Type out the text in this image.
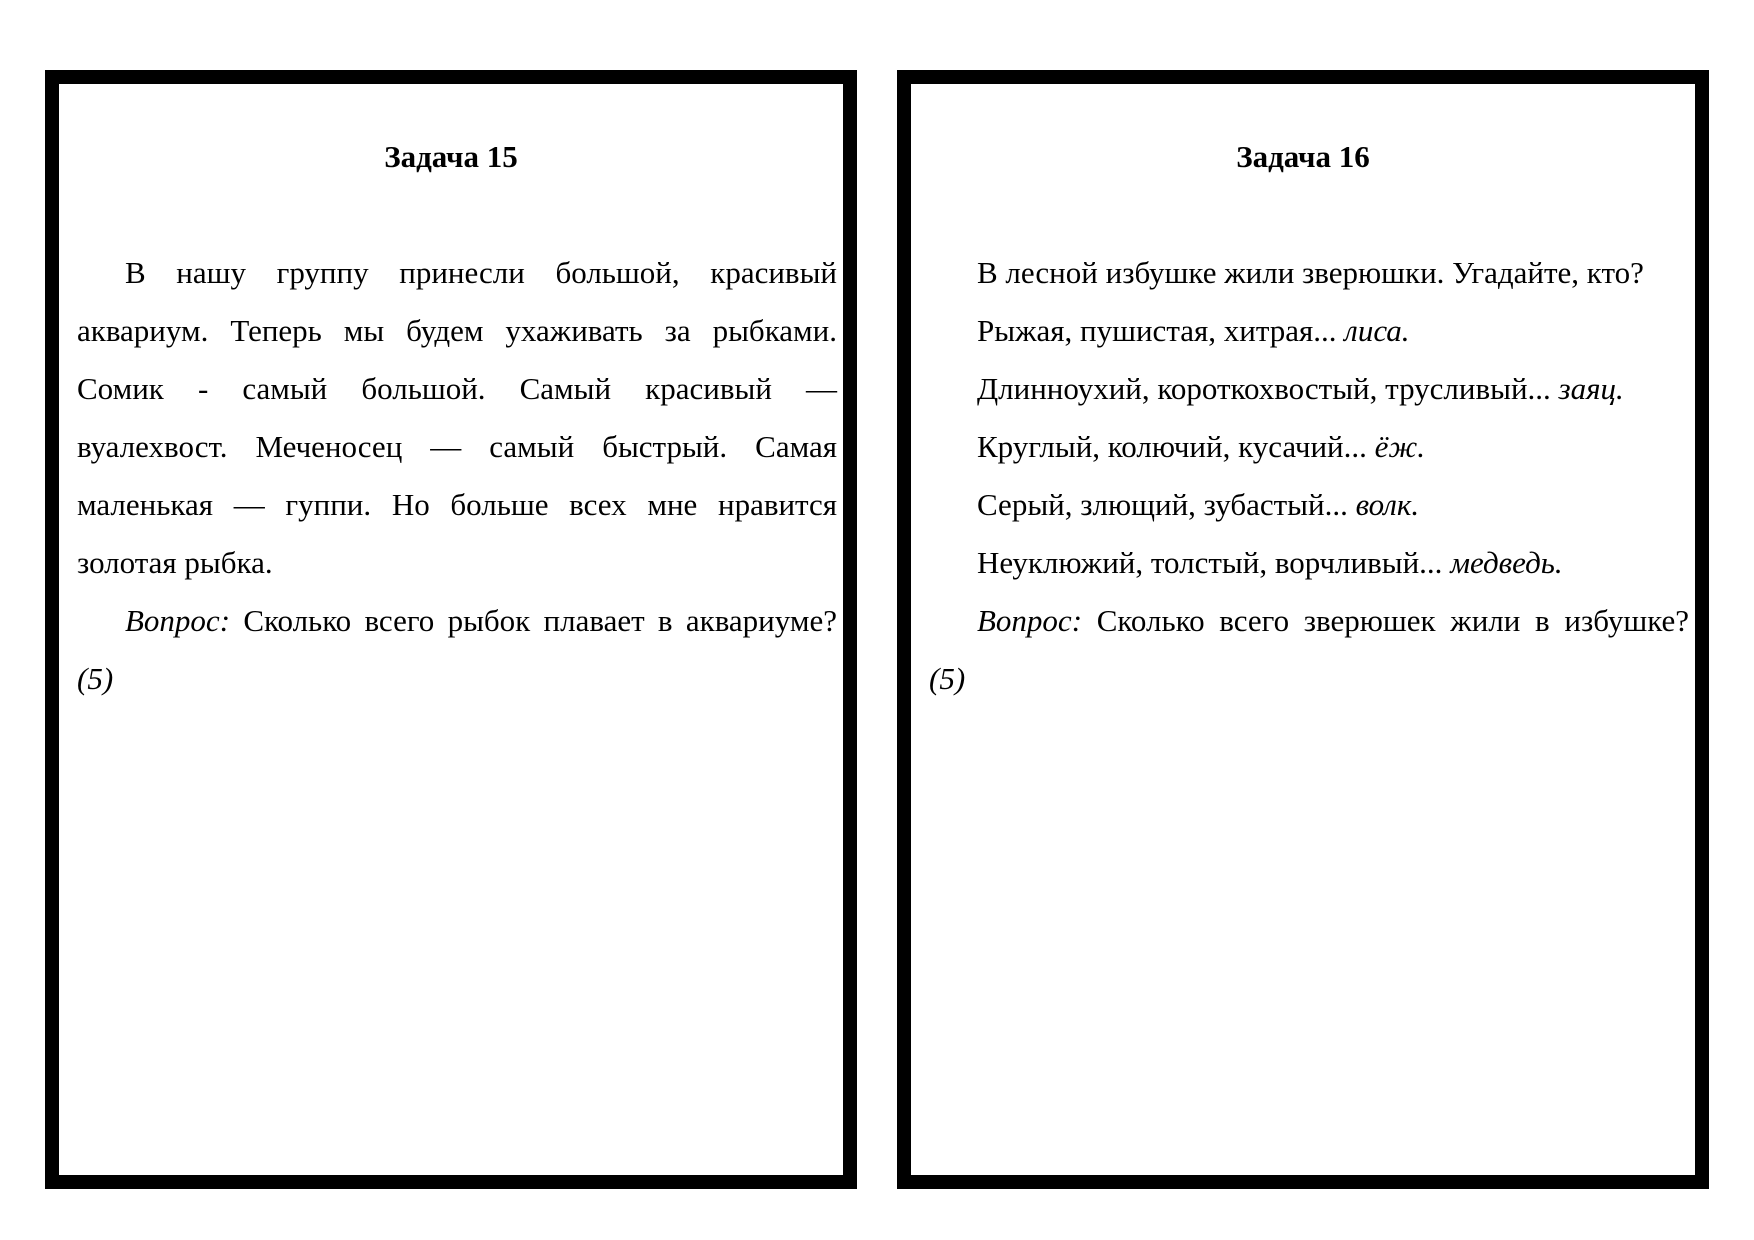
Задача 15

В нашу группу принесли большой, красивый аквариум. Теперь мы будем ухаживать за рыбками. Сомик - самый большой. Самый красивый — вуалехвост. Меченосец — самый быстрый. Самая маленькая — гуппи. Но больше всех мне нравится золотая рыбка.

Вопрос: Сколько всего рыбок плавает в аквариуме? (5)

Задача 16

В лесной избушке жили зверюшки. Угадайте, кто?

Рыжая, пушистая, хитрая... лиса.

Длинноухий, короткохвостый, трусливый... заяц.

Круглый, колючий, кусачий... ёж.

Серый, злющий, зубастый... волк.

Неуклюжий, толстый, ворчливый... медведь.

Вопрос: Сколько всего зверюшек жили в избушке? (5)
